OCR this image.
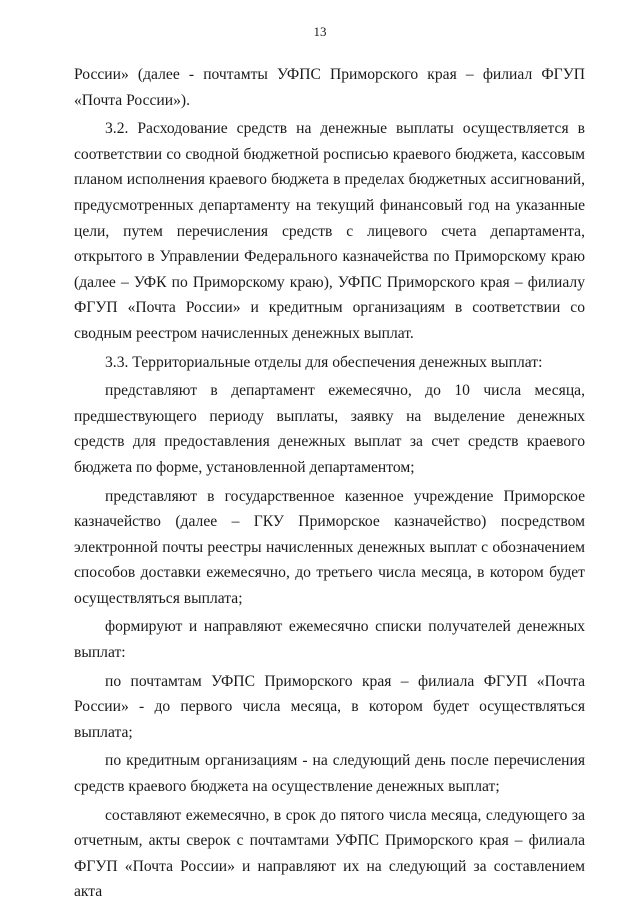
13

России» (далее - почтамты УФПС Приморского края – филиал ФГУП «Почта России»).

3.2. Расходование средств на денежные выплаты осуществляется в соответствии со сводной бюджетной росписью краевого бюджета, кассовым планом исполнения краевого бюджета в пределах бюджетных ассигнований, предусмотренных департаменту на текущий финансовый год на указанные цели, путем перечисления средств с лицевого счета департамента, открытого в Управлении Федерального казначейства по Приморскому краю (далее – УФК по Приморскому краю), УФПС Приморского края – филиалу ФГУП «Почта России» и кредитным организациям в соответствии со сводным реестром начисленных денежных выплат.

3.3. Территориальные отделы для обеспечения денежных выплат:

представляют в департамент ежемесячно, до 10 числа месяца, предшествующего периоду выплаты, заявку на выделение денежных средств для предоставления денежных выплат за счет средств краевого бюджета по форме, установленной департаментом;

представляют в государственное казенное учреждение Приморское казначейство (далее – ГКУ Приморское казначейство) посредством электронной почты реестры начисленных денежных выплат с обозначением способов доставки ежемесячно, до третьего числа месяца, в котором будет осуществляться выплата;

формируют и направляют ежемесячно списки получателей денежных выплат:

по почтамтам УФПС Приморского края – филиала ФГУП «Почта России» - до первого числа месяца, в котором будет осуществляться выплата;

по кредитным организациям - на следующий день после перечисления средств краевого бюджета на осуществление денежных выплат;

составляют ежемесячно, в срок до пятого числа месяца, следующего за отчетным, акты сверок с почтамтами УФПС Приморского края – филиала ФГУП «Почта России» и направляют их на следующий за составлением акта
